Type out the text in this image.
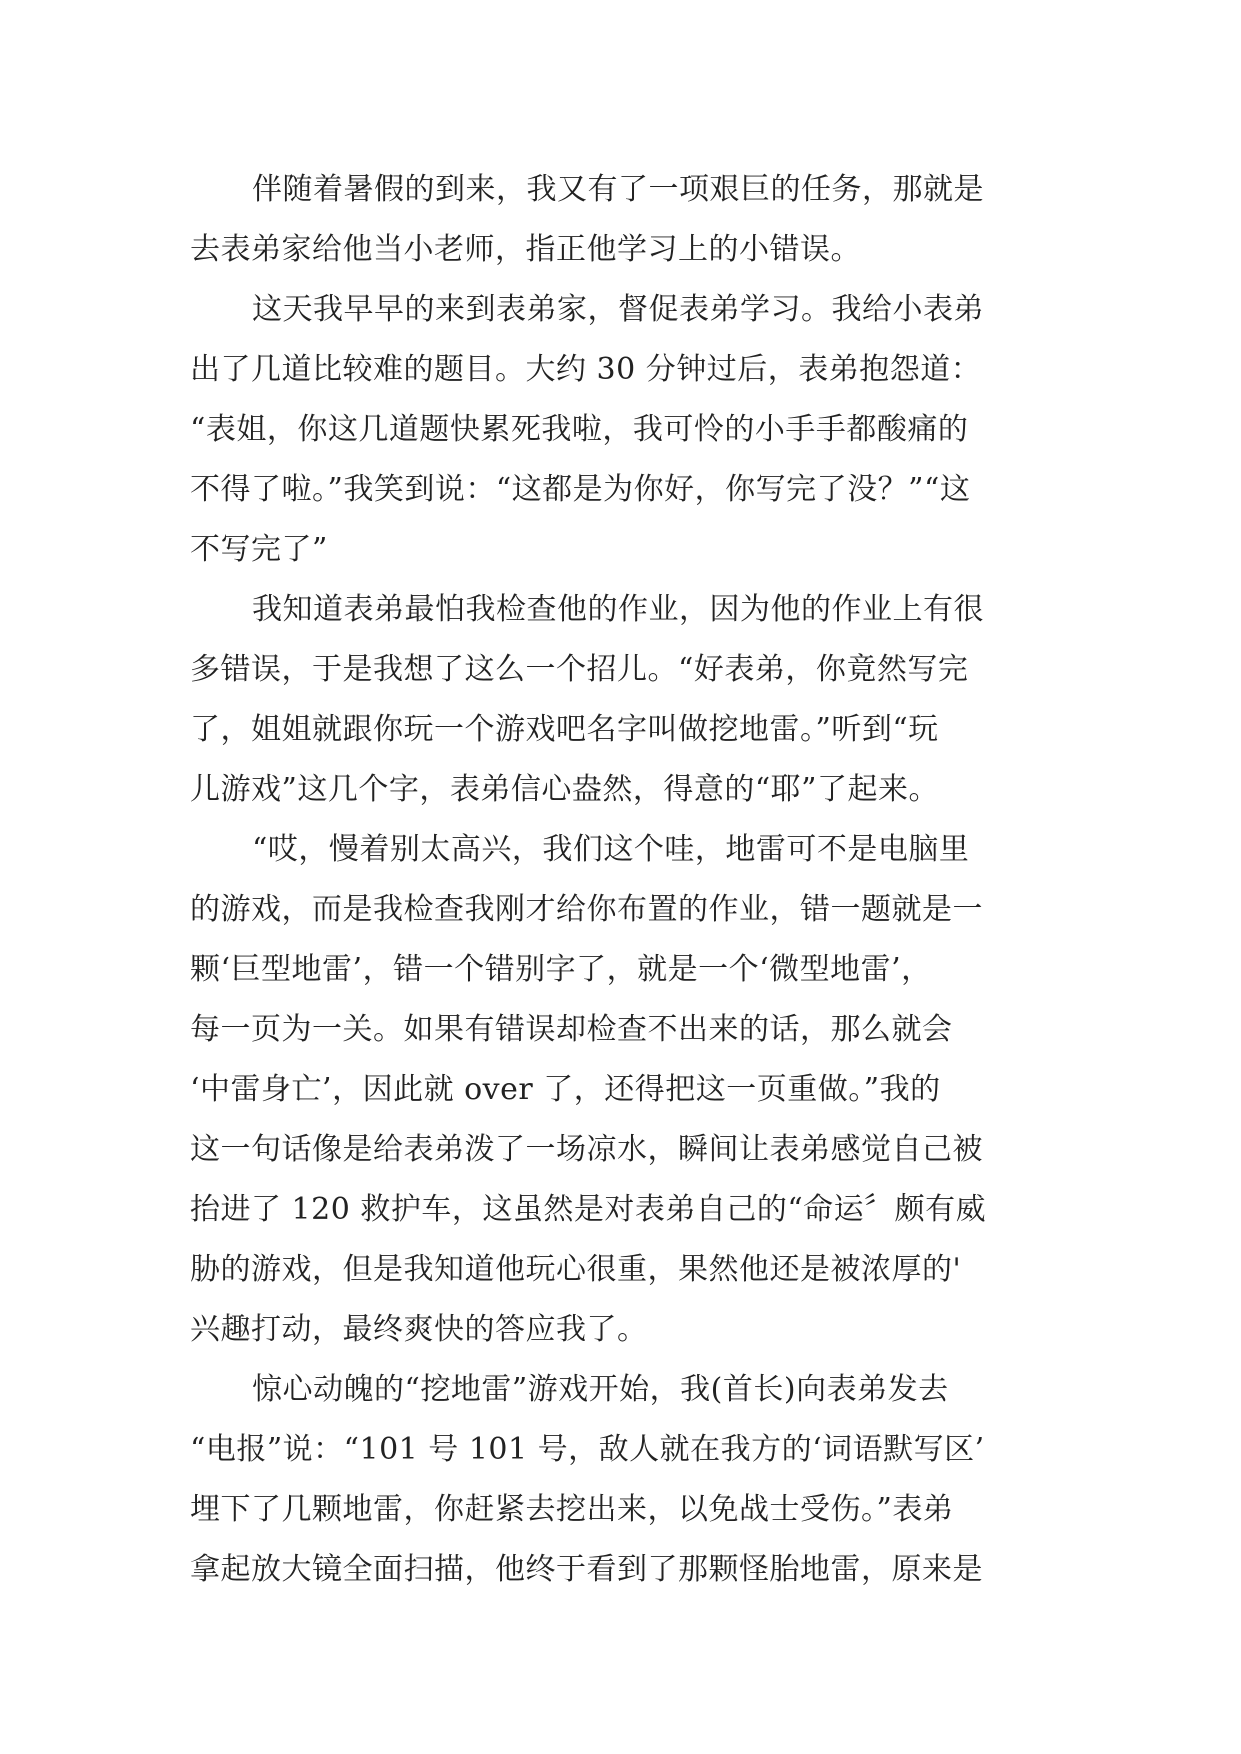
伴随着暑假的到来，我又有了一项艰巨的任务，那就是
去表弟家给他当小老师，指正他学习上的小错误。
这天我早早的来到表弟家，督促表弟学习。我给小表弟
出了几道比较难的题目。大约 30 分钟过后，表弟抱怨道：
“表姐，你这几道题快累死我啦，我可怜的小手手都酸痛的
不得了啦。”我笑到说：“这都是为你好，你写完了没？”“这
不写完了”
我知道表弟最怕我检查他的作业，因为他的作业上有很
多错误，于是我想了这么一个招儿。“好表弟，你竟然写完
了，姐姐就跟你玩一个游戏吧名字叫做挖地雷。”听到“玩
儿游戏”这几个字，表弟信心盎然，得意的“耶”了起来。
“哎，慢着别太高兴，我们这个哇，地雷可不是电脑里
的游戏，而是我检查我刚才给你布置的作业，错一题就是一
颗‘巨型地雷’，错一个错别字了，就是一个‘微型地雷’，
每一页为一关。如果有错误却检查不出来的话，那么就会
‘中雷身亡’，因此就 over 了，还得把这一页重做。”我的
这一句话像是给表弟泼了一场凉水，瞬间让表弟感觉自己被
抬进了 120 救护车，这虽然是对表弟自己的“命运〞颇有威
胁的游戏，但是我知道他玩心很重，果然他还是被浓厚的'
兴趣打动，最终爽快的答应我了。
惊心动魄的“挖地雷”游戏开始，我(首长)向表弟发去
“电报”说：“101 号 101 号，敌人就在我方的‘词语默写区’
埋下了几颗地雷，你赶紧去挖出来，以免战士受伤。”表弟
拿起放大镜全面扫描，他终于看到了那颗怪胎地雷，原来是
